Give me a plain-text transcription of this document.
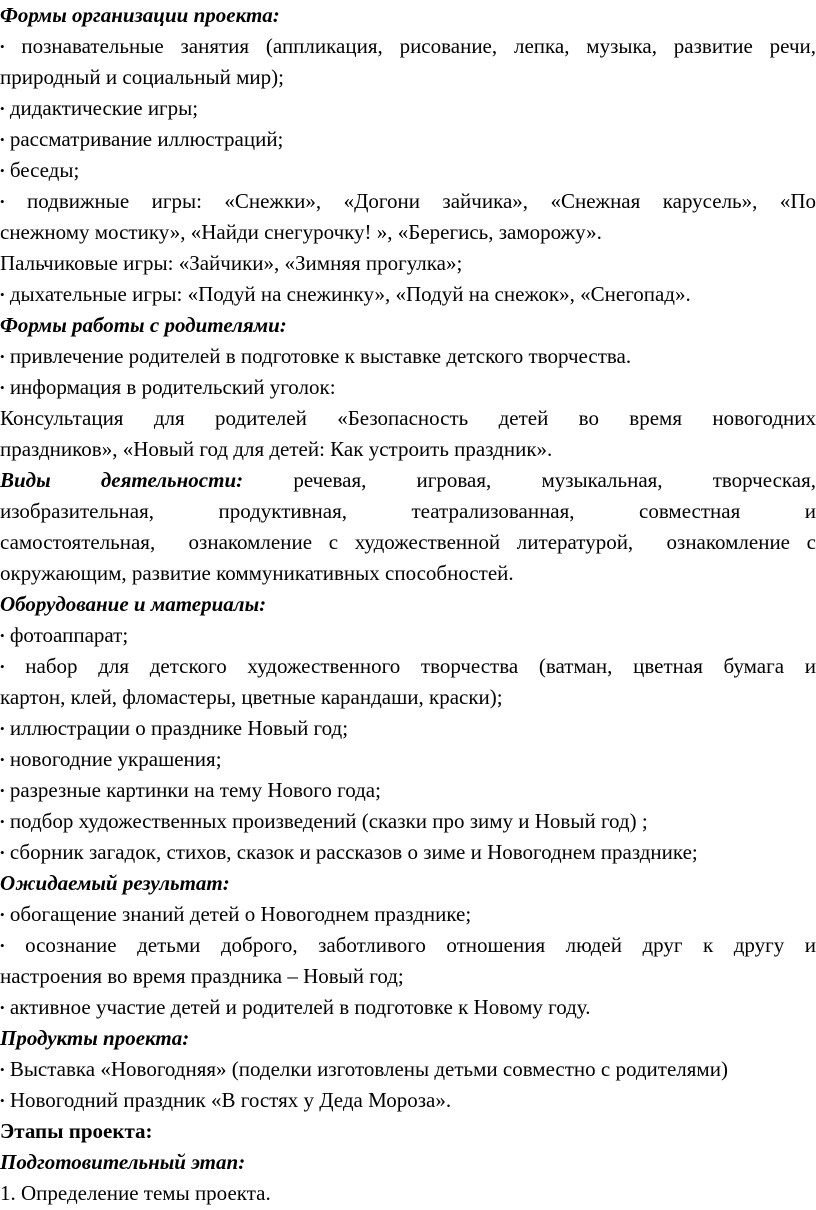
Формы организации проекта:

• познавательные занятия (аппликация, рисование, лепка, музыка, развитие речи,

природный и социальный мир);

• дидактические игры;

• рассматривание иллюстраций;

• беседы;

• подвижные игры: «Снежки», «Догони зайчика», «Снежная карусель», «По

снежному мостику», «Найди снегурочку! », «Берегись, заморожу».

Пальчиковые игры: «Зайчики», «Зимняя прогулка»;

• дыхательные игры: «Подуй на снежинку», «Подуй на снежок», «Снегопад».

Формы работы с родителями:

• привлечение родителей в подготовке к выставке детского творчества.

• информация в родительский уголок:

Консультация для родителей «Безопасность детей во время новогодних

праздников», «Новый год для детей: Как устроить праздник».

Виды деятельности: речевая, игровая, музыкальная, творческая,

изобразительная, продуктивная, театрализованная, совместная и

самостоятельная,  ознакомление с художественной литературой,  ознакомление с

окружающим, развитие коммуникативных способностей.

Оборудование и материалы:

• фотоаппарат;

• набор для детского художественного творчества (ватман, цветная бумага и

картон, клей, фломастеры, цветные карандаши, краски);

• иллюстрации о празднике Новый год;

• новогодние украшения;

• разрезные картинки на тему Нового года;

• подбор художественных произведений (сказки про зиму и Новый год) ;

• сборник загадок, стихов, сказок и рассказов о зиме и Новогоднем празднике;

Ожидаемый результат:

• обогащение знаний детей о Новогоднем празднике;

• осознание детьми доброго, заботливого отношения людей друг к другу и

настроения во время праздника – Новый год;

• активное участие детей и родителей в подготовке к Новому году.

Продукты проекта:

• Выставка «Новогодняя» (поделки изготовлены детьми совместно с родителями)

• Новогодний праздник «В гостях у Деда Мороза».

Этапы проекта:

Подготовительный этап:

1. Определение темы проекта.
